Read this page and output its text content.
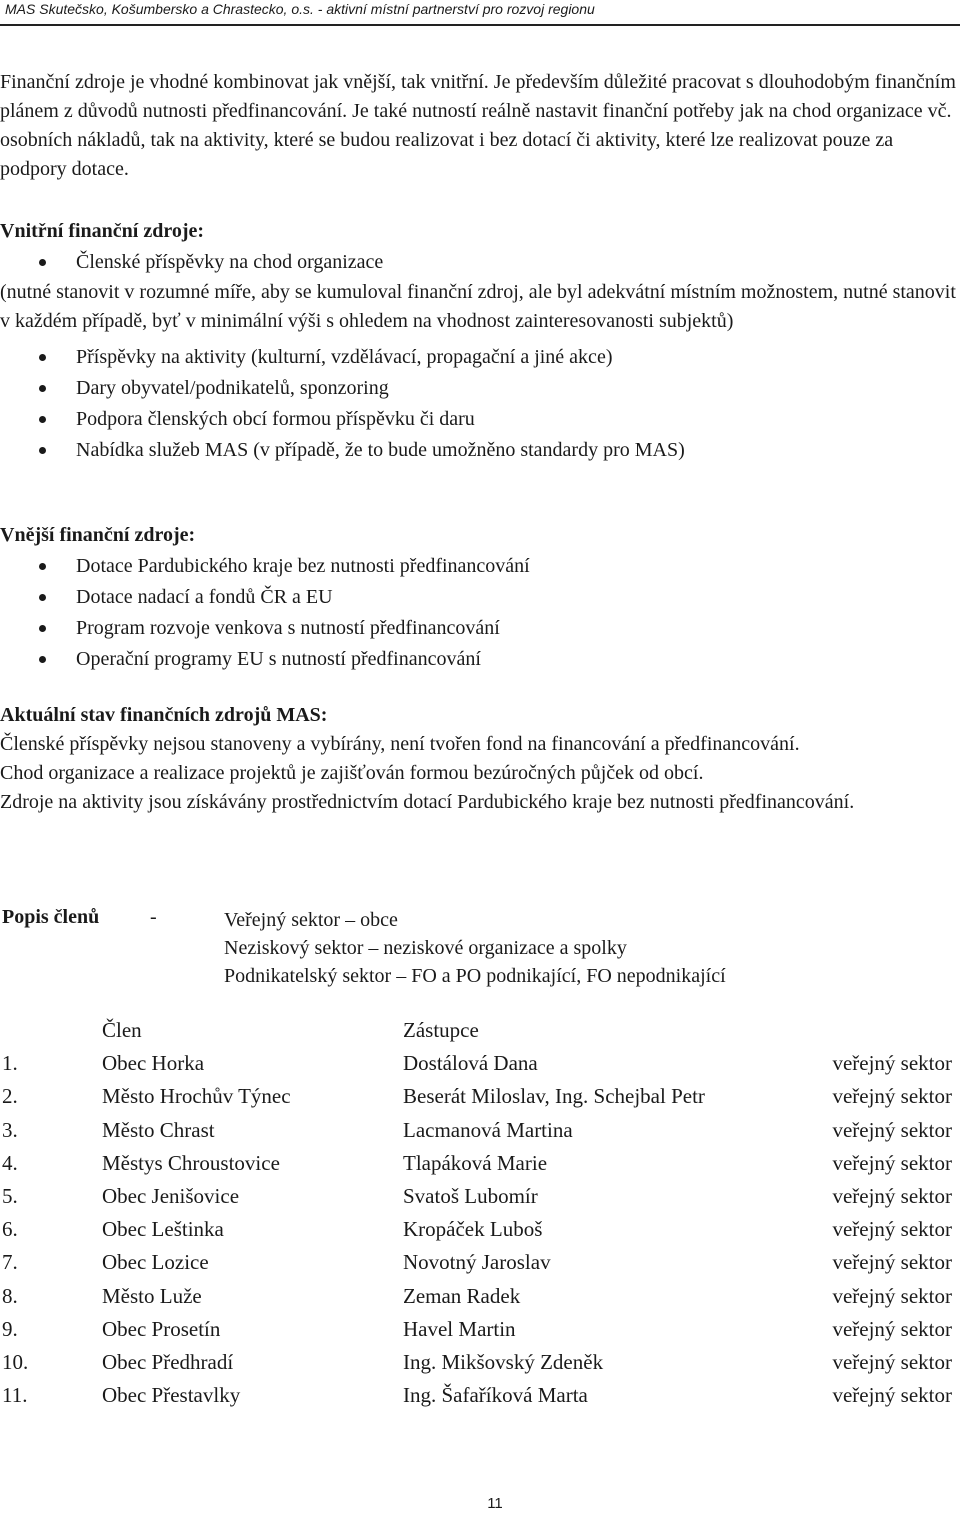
MAS Skutečsko, Košumbersko a Chrastecko, o.s. - aktivní místní partnerství pro rozvoj regionu

Finanční zdroje je vhodné kombinovat jak vnější, tak vnitřní. Je především důležité pracovat s dlouhodobým finančním plánem z důvodů nutnosti předfinancování. Je také nutností reálně nastavit finanční potřeby jak na chod organizace vč. osobních nákladů, tak na aktivity, které se budou realizovat i bez dotací či aktivity, které lze realizovat pouze za podpory dotace.

Vnitřní finanční zdroje:
Členské příspěvky na chod organizace

(nutné stanovit v rozumné míře, aby se kumuloval finanční zdroj, ale byl adekvátní místním možnostem, nutné stanovit v každém případě, byť v minimální výši s ohledem na vhodnost zainteresovanosti subjektů)

Příspěvky na aktivity (kulturní, vzdělávací, propagační a jiné akce)
Dary obyvatel/podnikatelů, sponzoring
Podpora členských obcí formou příspěvku či daru
Nabídka služeb MAS (v případě, že to bude umožněno standardy pro MAS)
Vnější finanční zdroje:
Dotace Pardubického kraje bez nutnosti předfinancování
Dotace nadací a fondů ČR a EU
Program rozvoje venkova s nutností předfinancování
Operační programy EU s nutností předfinancování
Aktuální stav finančních zdrojů MAS:

Členské příspěvky nejsou stanoveny a vybírány, není tvořen fond na financování a předfinancování.

Chod organizace a realizace projektů je zajišťován formou bezúročných půjček od obcí.

Zdroje na aktivity jsou získávány prostřednictvím dotací Pardubického kraje bez nutnosti předfinancování.

Popis členů	-	Veřejný sektor – obce
Neziskový sektor – neziskové organizace a spolky
Podnikatelský sektor – FO a PO podnikající, FO nepodnikající
Člen	Zástupce
1.	Obec Horka	Dostálová Dana	veřejný sektor
2.	Město Hrochův Týnec	Beserát Miloslav, Ing. Schejbal Petr	veřejný sektor
3.	Město Chrast	Lacmanová Martina	veřejný sektor
4.	Městys Chroustovice	Tlapáková Marie	veřejný sektor
5.	Obec Jenišovice	Svatoš Lubomír	veřejný sektor
6.	Obec Leštinka	Kropáček Luboš	veřejný sektor
7.	Obec Lozice	Novotný Jaroslav	veřejný sektor
8.	Město Luže	Zeman Radek	veřejný sektor
9.	Obec Prosetín	Havel Martin	veřejný sektor
10.	Obec Předhradí	Ing. Mikšovský Zdeněk	veřejný sektor
11.	Obec Přestavlky	Ing. Šafaříková Marta	veřejný sektor
11
